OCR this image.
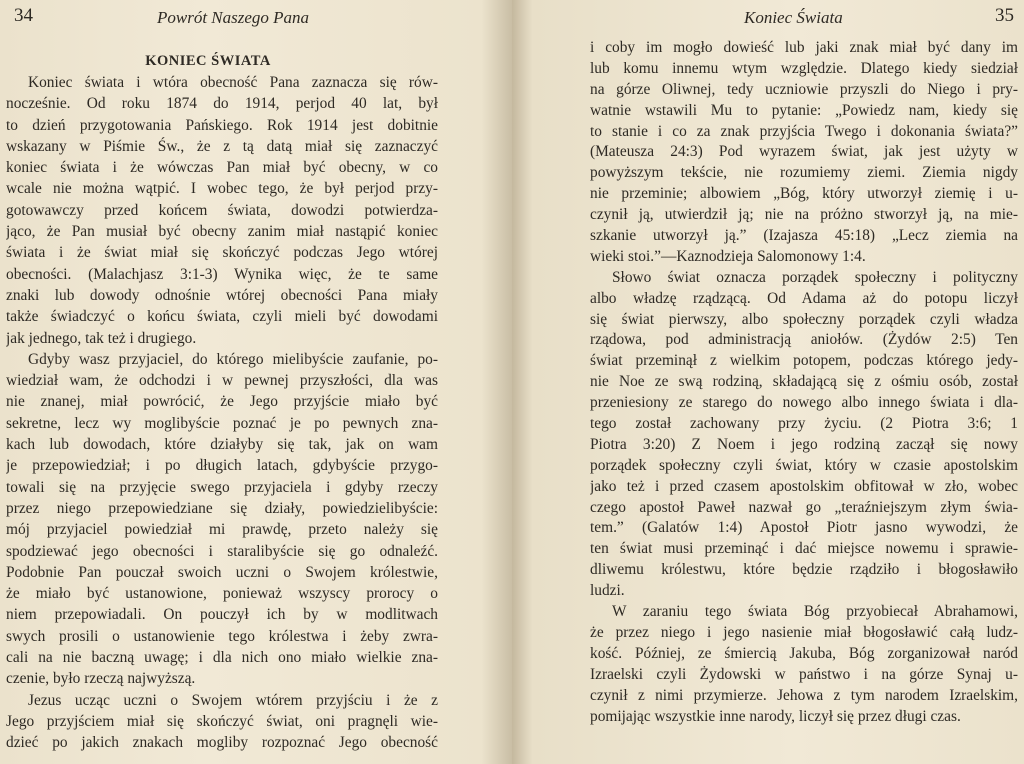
34	Powrót Naszego Pana	35
Koniec Świata
KONIEC ŚWIATA
Koniec świata i wtóra obecność Pana zaznacza się rów-
nocześnie. Od roku 1874 do 1914, perjod 40 lat, był
to dzień przygotowania Pańskiego. Rok 1914 jest dobitnie
wskazany w Piśmie Św., że z tą datą miał się zaznaczyć
koniec świata i że wówczas Pan miał być obecny, w co
wcale nie można wątpić. I wobec tego, że był perjod przy-
gotowawczy przed końcem świata, dowodzi potwierdza-
jąco, że Pan musiał być obecny zanim miał nastąpić koniec
świata i że świat miał się skończyć podczas Jego wtórej
obecności. (Malachjasz 3:1-3) Wynika więc, że te same
znaki lub dowody odnośnie wtórej obecności Pana miały
także świadczyć o końcu świata, czyli mieli być dowodami
jak jednego, tak też i drugiego.
Gdyby wasz przyjaciel, do którego mielibyście zaufanie, po-
wiedział wam, że odchodzi i w pewnej przyszłości, dla was
nie znanej, miał powrócić, że Jego przyjście miało być
sekretne, lecz wy moglibyście poznać je po pewnych zna-
kach lub dowodach, które działyby się tak, jak on wam
je przepowiedział; i po długich latach, gdybyście przygo-
towali się na przyjęcie swego przyjaciela i gdyby rzeczy
przez niego przepowiedziane się działy, powiedzielibyście:
mój przyjaciel powiedział mi prawdę, przeto należy się
spodziewać jego obecności i staralibyście się go odnaleźć.
Podobnie Pan pouczał swoich uczni o Swojem królestwie,
że miało być ustanowione, ponieważ wszyscy prorocy o
niem przepowiadali. On pouczył ich by w modlitwach
swych prosili o ustanowienie tego królestwa i żeby zwra-
cali na nie baczną uwagę; i dla nich ono miało wielkie zna-
czenie, było rzeczą najwyższą.
Jezus ucząc uczni o Swojem wtórem przyjściu i że z
Jego przyjściem miał się skończyć świat, oni pragnęli wie-
dzieć po jakich znakach mogliby rozpoznać Jego obecność
i coby im mogło dowieść lub jaki znak miał być dany im
lub komu innemu wtym względzie. Dlatego kiedy siedział
na górze Oliwnej, tedy uczniowie przyszli do Niego i pry-
watnie wstawili Mu to pytanie: „Powiedz nam, kiedy się
to stanie i co za znak przyjścia Twego i dokonania świata?”
(Mateusza 24:3) Pod wyrazem świat, jak jest użyty w
powyższym tekście, nie rozumiemy ziemi. Ziemia nigdy
nie przeminie; albowiem „Bóg, który utworzył ziemię i u-
czynił ją, utwierdził ją; nie na próżno stworzył ją, na mie-
szkanie utworzył ją.” (Izajasza 45:18) „Lecz ziemia na
wieki stoi.”—Kaznodzieja Salomonowy 1:4.
Słowo świat oznacza porządek społeczny i polityczny
albo władzę rządzącą. Od Adama aż do potopu liczył
się świat pierwszy, albo społeczny porządek czyli władza
rządowa, pod administracją aniołów. (Żydów 2:5) Ten
świat przeminął z wielkim potopem, podczas którego jedy-
nie Noe ze swą rodziną, składającą się z ośmiu osób, został
przeniesiony ze starego do nowego albo innego świata i dla-
tego został zachowany przy życiu. (2 Piotra 3:6; 1
Piotra 3:20) Z Noem i jego rodziną zaczął się nowy
porządek społeczny czyli świat, który w czasie apostolskim
jako też i przed czasem apostolskim obfitował w zło, wobec
czego apostoł Paweł nazwał go „teraźniejszym złym świa-
tem.” (Galatów 1:4) Apostoł Piotr jasno wywodzi, że
ten świat musi przeminąć i dać miejsce nowemu i sprawie-
dliwemu królestwu, które będzie rządziło i błogosławiło
ludzi.
W zaraniu tego świata Bóg przyobiecał Abrahamowi,
że przez niego i jego nasienie miał błogosławić całą ludz-
kość. Później, ze śmiercią Jakuba, Bóg zorganizował naród
Izraelski czyli Żydowski w państwo i na górze Synaj u-
czynił z nimi przymierze. Jehowa z tym narodem Izraelskim,
pomijając wszystkie inne narody, liczył się przez długi czas.
